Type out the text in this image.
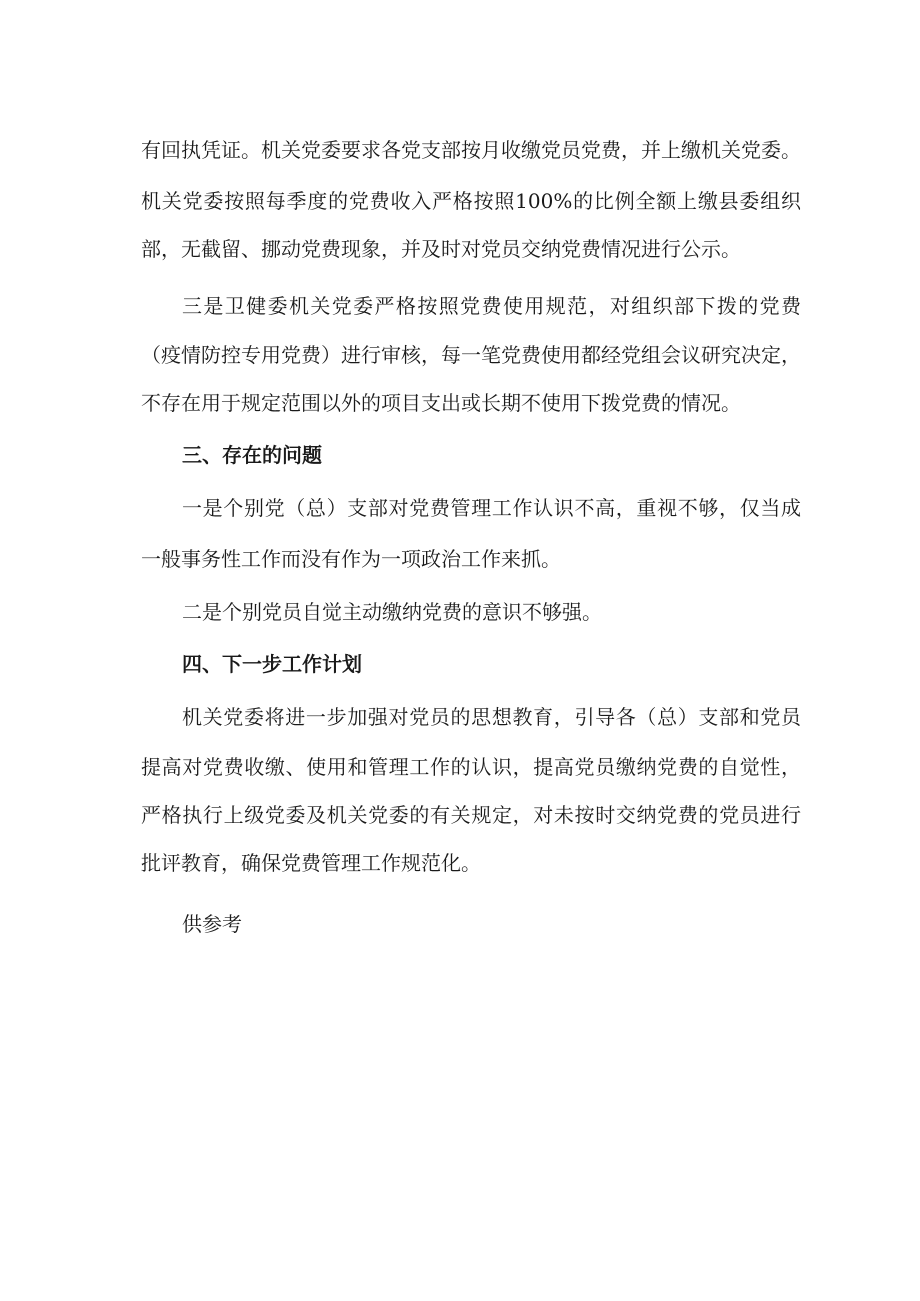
有回执凭证。机关党委要求各党支部按月收缴党员党费，并上缴机关党委。
机关党委按照每季度的党费收入严格按照100%的比例全额上缴县委组织
部，无截留、挪动党费现象，并及时对党员交纳党费情况进行公示。
三是卫健委机关党委严格按照党费使用规范，对组织部下拨的党费
（疫情防控专用党费）进行审核，每一笔党费使用都经党组会议研究决定，
不存在用于规定范围以外的项目支出或长期不使用下拨党费的情况。
三、存在的问题
一是个别党（总）支部对党费管理工作认识不高，重视不够，仅当成
一般事务性工作而没有作为一项政治工作来抓。
二是个别党员自觉主动缴纳党费的意识不够强。
四、下一步工作计划
机关党委将进一步加强对党员的思想教育，引导各（总）支部和党员
提高对党费收缴、使用和管理工作的认识，提高党员缴纳党费的自觉性，
严格执行上级党委及机关党委的有关规定，对未按时交纳党费的党员进行
批评教育，确保党费管理工作规范化。
供参考
